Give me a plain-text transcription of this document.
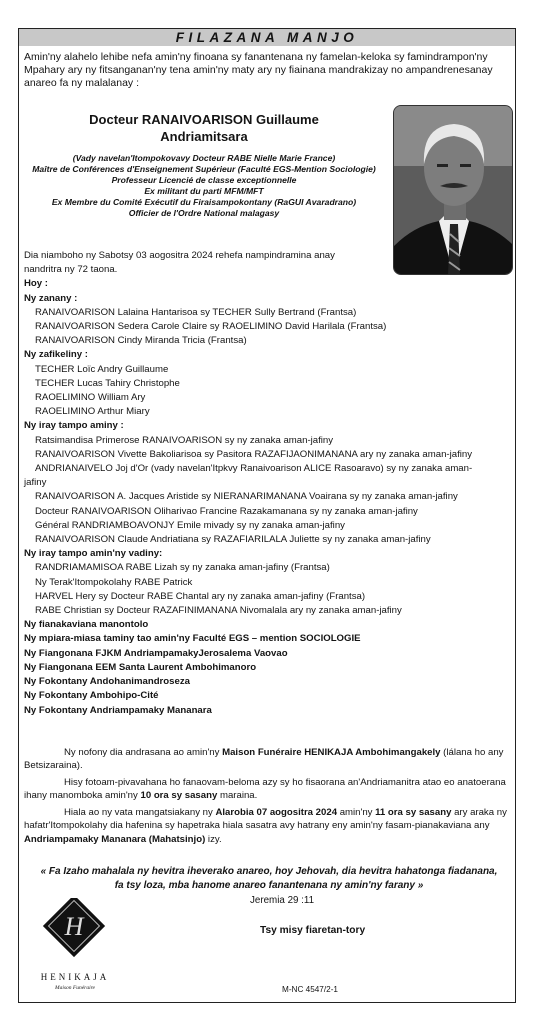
FILAZANA MANJO
Amin'ny alahelo lehibe nefa amin'ny finoana sy fanantenana ny famelan-keloka sy famindrampon'ny Mpahary ary ny fitsanganan'ny tena amin'ny maty ary ny fiainana mandrakizay no ampandrenesanay anareo fa ny malalanay :
Docteur RANAIVOARISON Guillaume
Andriamitsara
(Vady navelan'Itompokovavy Docteur RABE Nielle Marie France)
Maître de Conférences d'Enseignement Supérieur (Faculté EGS-Mention Sociologie)
Professeur Licencié de classe exceptionnelle
Ex militant du parti MFM/MFT
Ex Membre du Comité Exécutif du Firaisampokontany (RaGUI Avaradrano)
Officier de l'Ordre National malagasy
Dia niamboho ny Sabotsy 03 aogositra 2024 rehefa nampindramina anay
nandritra ny 72 taona.
Hoy :
Ny zanany :
RANAIVOARISON Lalaina Hantarisoa sy TECHER Sully Bertrand (Frantsa)
RANAIVOARISON Sedera Carole Claire sy RAOELIMINO David Harilala (Frantsa)
RANAIVOARISON Cindy Miranda Tricia (Frantsa)
Ny zafikeliny :
TECHER Loïc Andry Guillaume
TECHER Lucas Tahiry Christophe
RAOELIMINO William Ary
RAOELIMINO Arthur Miary
Ny iray tampo aminy :
Ratsimandisa Primerose RANAIVOARISON sy ny zanaka aman-jafiny
RANAIVOARISON Vivette Bakoliarisoa sy Pasitora RAZAFIJAONIMANANA ary ny zanaka aman-jafiny
ANDRIANAIVELO Joj d'Or (vady navelan'Itpkvy Ranaivoarison ALICE Rasoaravo) sy ny zanaka aman-
jafiny
RANAIVOARISON A. Jacques Aristide sy NIERANARIMANANA Voairana sy ny zanaka aman-jafiny
Docteur RANAIVOARISON Oliharivao Francine Razakamanana sy ny zanaka aman-jafiny
Général RANDRIAMBOAVONJY Emile mivady sy ny zanaka aman-jafiny
RANAIVOARISON Claude Andriatiana sy RAZAFIARILALA Juliette sy ny zanaka aman-jafiny
Ny iray tampo amin'ny vadiny:
RANDRIAMAMISOA RABE Lizah sy ny zanaka aman-jafiny (Frantsa)
Ny Terak'Itompokolahy RABE Patrick
HARVEL Hery sy Docteur RABE Chantal ary ny zanaka aman-jafiny (Frantsa)
RABE Christian sy Docteur RAZAFINIMANANA Nivomalala ary ny zanaka aman-jafiny
Ny fianakaviana manontolo
Ny mpiara-miasa taminy tao amin'ny Faculté EGS – mention SOCIOLOGIE
Ny Fiangonana FJKM AndriampamakyJerosalema Vaovao
Ny Fiangonana EEM Santa Laurent Ambohimanoro
Ny Fokontany Andohanimandroseza
Ny Fokontany Ambohipo-Cité
Ny Fokontany Andriampamaky Mananara
Ny nofony dia andrasana ao amin'ny Maison Funéraire HENIKAJA Ambohimangakely (lálana ho any Betsizaraina).
Hisy fotoam-pivavahana ho fanaovam-beloma azy sy ho fisaorana an'Andriamanitra atao eo anatoerana ihany manomboka amin'ny 10 ora sy sasany maraina.
Hiala ao ny vata mangatsiakany ny Alarobia 07 aogositra 2024 amin'ny 11 ora sy sasany ary araka ny hafatr'Itompokolahy dia hafenina sy hapetraka hiala sasatra avy hatrany eny amin'ny fasam-pianakaviana any Andriampamaky Mananara (Mahatsinjo) izy.
« Fa Izaho mahalala ny hevitra iheverako anareo, hoy Jehovah, dia hevitra hahatonga fiadanana,
fa tsy loza, mba hanome anareo fanantenana ny amin'ny farany »
Jeremia 29 :11
Tsy misy fiaretan-tory
H
HENIKAJA
Maison Funéraire	M-NC 4547/2-1
